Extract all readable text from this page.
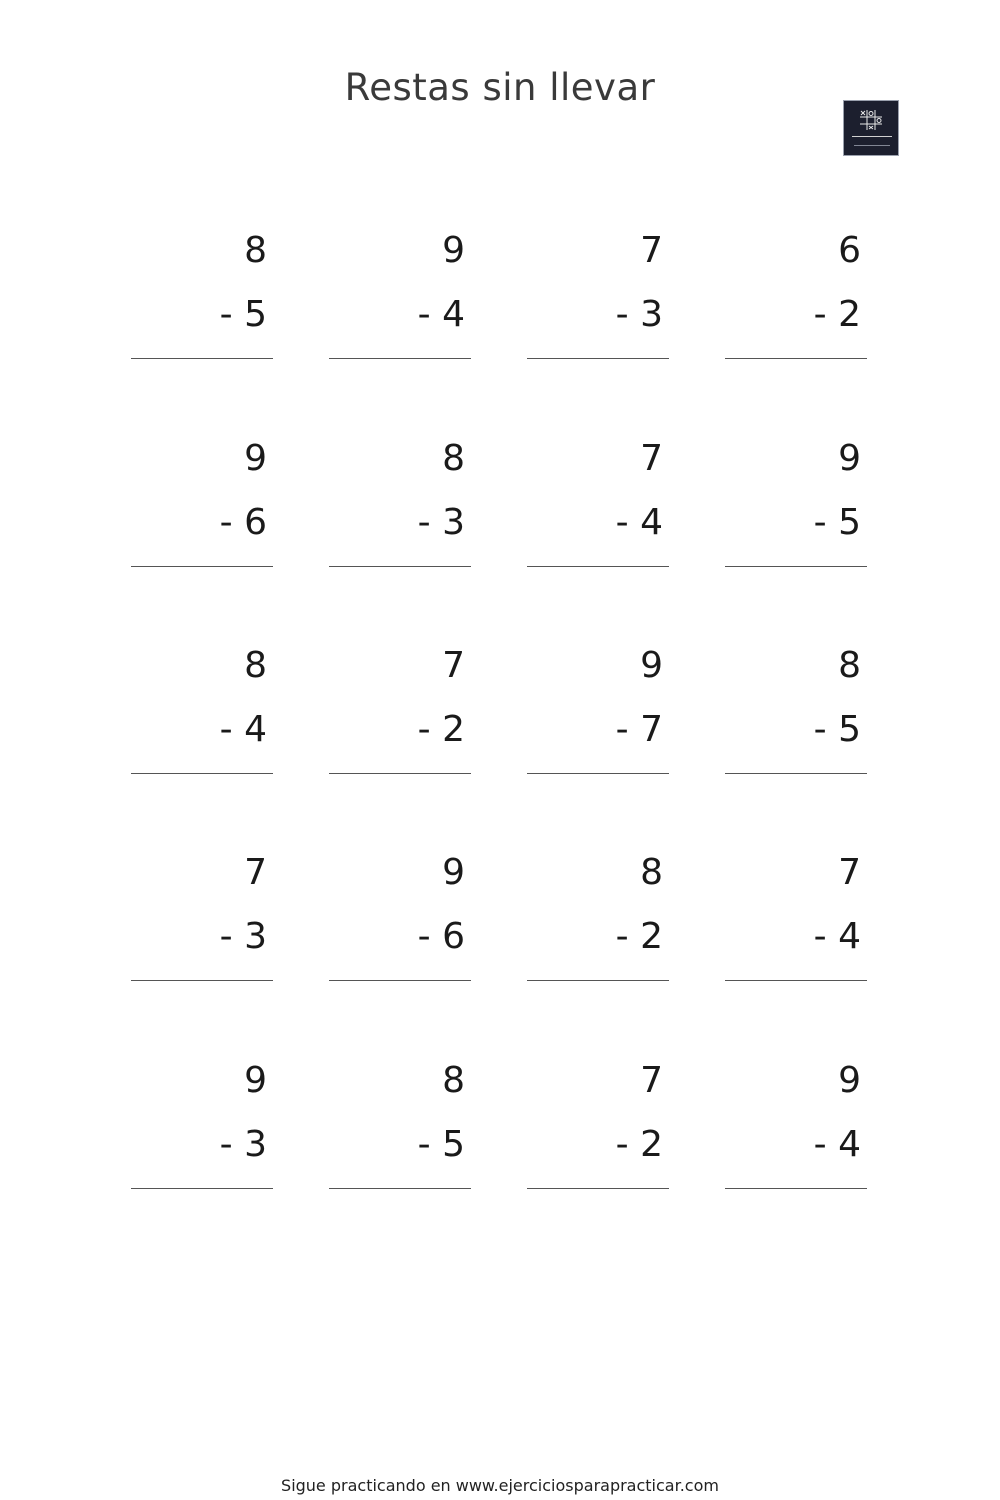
Restas sin llevar
8
- 5
9
- 4
7
- 3
6
- 2
9
- 6
8
- 3
7
- 4
9
- 5
8
- 4
7
- 2
9
- 7
8
- 5
7
- 3
9
- 6
8
- 2
7
- 4
9
- 3
8
- 5
7
- 2
9
- 4
Sigue practicando en www.ejerciciosparapracticar.com
